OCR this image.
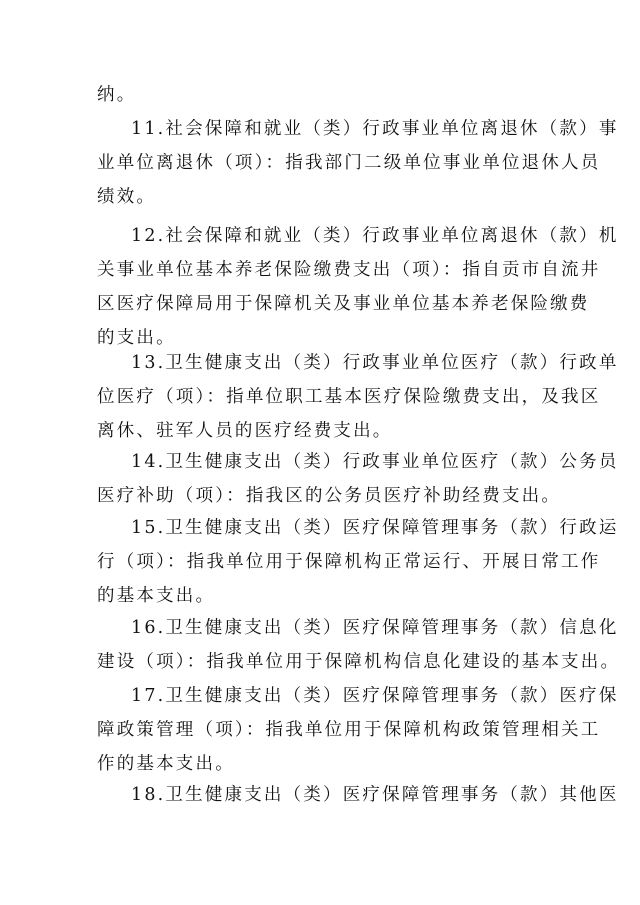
纳。
11.社会保障和就业（类）行政事业单位离退休（款）事
业单位离退休（项）：指我部门二级单位事业单位退休人员
绩效。
12.社会保障和就业（类）行政事业单位离退休（款）机
关事业单位基本养老保险缴费支出（项）：指自贡市自流井
区医疗保障局用于保障机关及事业单位基本养老保险缴费
的支出。
13.卫生健康支出（类）行政事业单位医疗（款）行政单
位医疗（项）：指单位职工基本医疗保险缴费支出，及我区
离休、驻军人员的医疗经费支出。
14.卫生健康支出（类）行政事业单位医疗（款）公务员
医疗补助（项）：指我区的公务员医疗补助经费支出。
15.卫生健康支出（类）医疗保障管理事务（款）行政运
行（项）：指我单位用于保障机构正常运行、开展日常工作
的基本支出。
16.卫生健康支出（类）医疗保障管理事务（款）信息化
建设（项）：指我单位用于保障机构信息化建设的基本支出。
17.卫生健康支出（类）医疗保障管理事务（款）医疗保
障政策管理（项）：指我单位用于保障机构政策管理相关工
作的基本支出。
18.卫生健康支出（类）医疗保障管理事务（款）其他医
